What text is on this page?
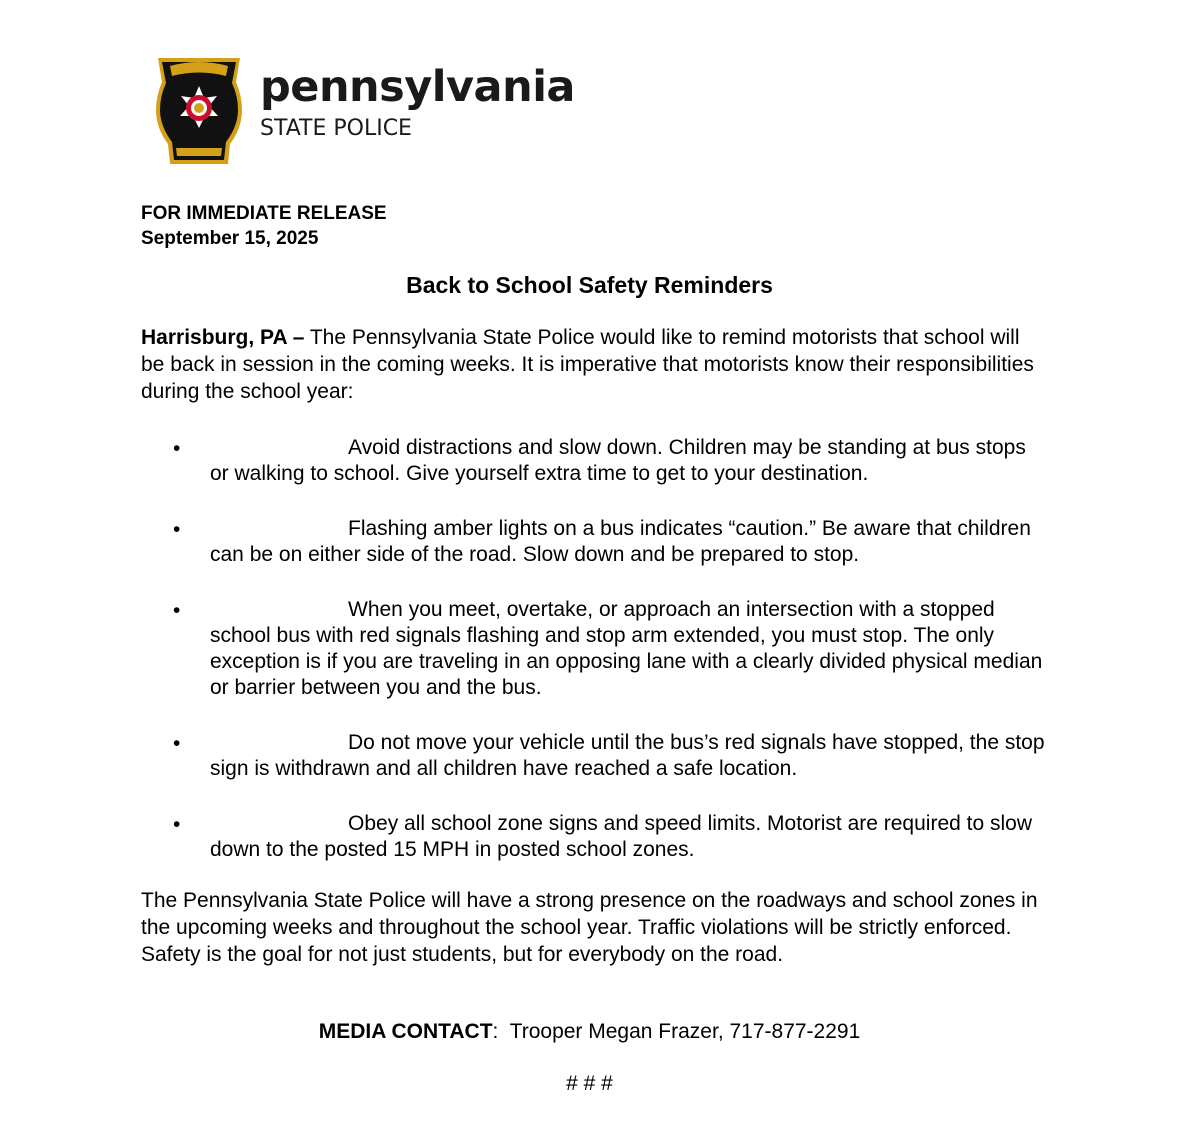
pennsylvania
STATE POLICE
FOR IMMEDIATE RELEASE
September 15, 2025
Back to School Safety Reminders
Harrisburg, PA – The Pennsylvania State Police would like to remind motorists that school will be back in session in the coming weeks. It is imperative that motorists know their responsibilities during the school year:
•	Avoid distractions and slow down. Children may be standing at bus stops or walking to school. Give yourself extra time to get to your destination.
•	Flashing amber lights on a bus indicates “caution.” Be aware that children can be on either side of the road. Slow down and be prepared to stop.
•	When you meet, overtake, or approach an intersection with a stopped school bus with red signals flashing and stop arm extended, you must stop. The only exception is if you are traveling in an opposing lane with a clearly divided physical median or barrier between you and the bus.
•	Do not move your vehicle until the bus’s red signals have stopped, the stop sign is withdrawn and all children have reached a safe location.
•	Obey all school zone signs and speed limits. Motorist are required to slow down to the posted 15 MPH in posted school zones.
The Pennsylvania State Police will have a strong presence on the roadways and school zones in the upcoming weeks and throughout the school year. Traffic violations will be strictly enforced. Safety is the goal for not just students, but for everybody on the road.
MEDIA CONTACT:  Trooper Megan Frazer, 717-877-2291
# # #
